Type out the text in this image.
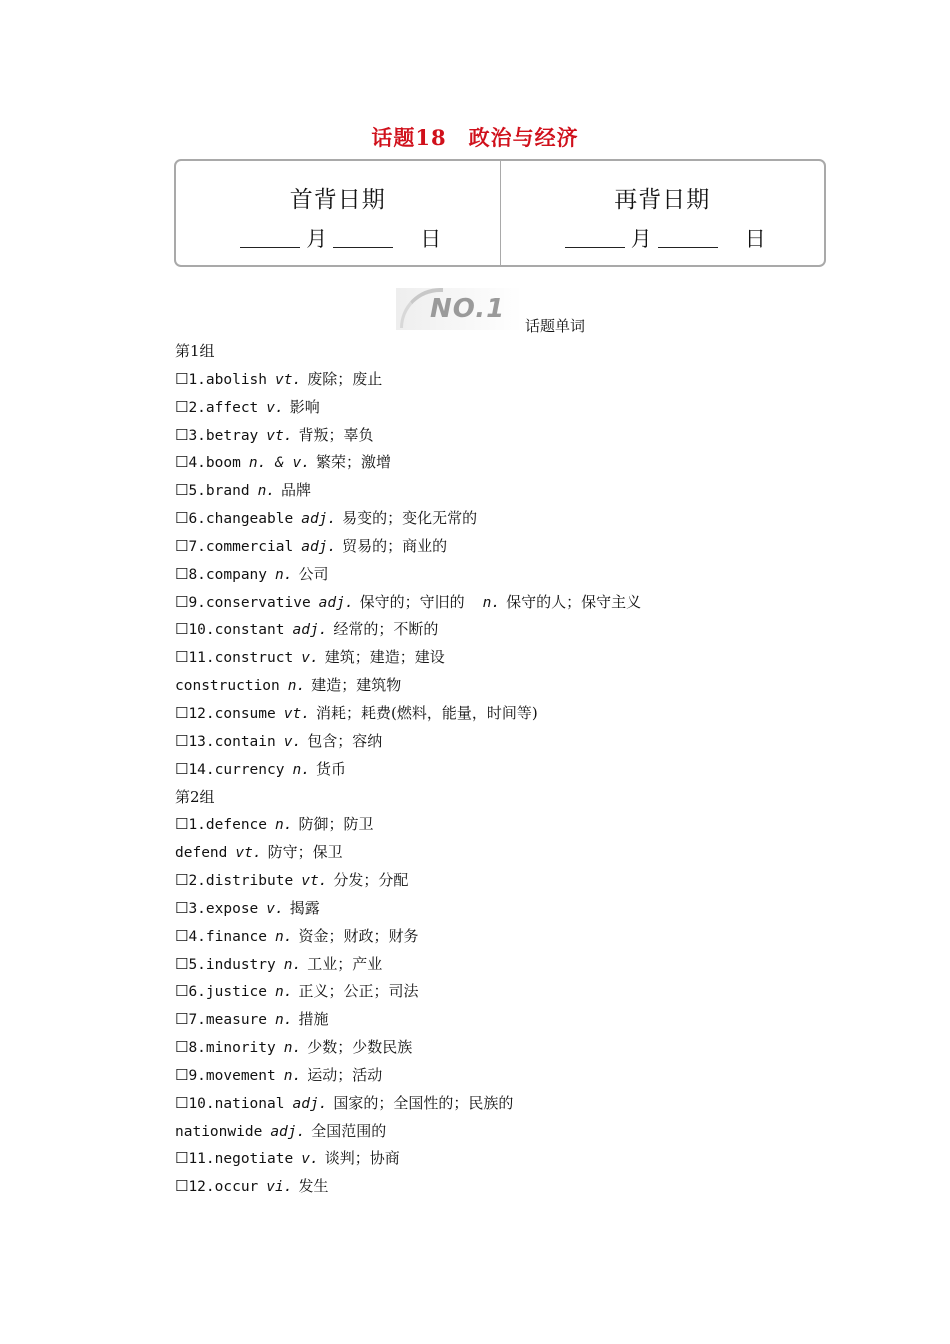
话题18　政治与经济
首背日期
月　	日
再背日期
月　	日
NO.1
话题单词
第1组
☐1.abolish vt. 废除；废止
☐2.affect v. 影响
☐3.betray vt. 背叛；辜负
☐4.boom n. & v. 繁荣；激增
☐5.brand n. 品牌
☐6.changeable adj. 易变的；变化无常的
☐7.commercial adj. 贸易的；商业的
☐8.company n. 公司
☐9.conservative adj. 保守的；守旧的 n. 保守的人；保守主义
☐10.constant adj. 经常的；不断的
☐11.construct v. 建筑；建造；建设
construction n. 建造；建筑物
☐12.consume vt. 消耗；耗费(燃料，能量，时间等)
☐13.contain v. 包含；容纳
☐14.currency n. 货币
第2组
☐1.defence n. 防御；防卫
defend vt. 防守；保卫
☐2.distribute vt. 分发；分配
☐3.expose v. 揭露
☐4.finance n. 资金；财政；财务
☐5.industry n. 工业；产业
☐6.justice n. 正义；公正；司法
☐7.measure n. 措施
☐8.minority n. 少数；少数民族
☐9.movement n. 运动；活动
☐10.national adj. 国家的；全国性的；民族的
nationwide adj. 全国范围的
☐11.negotiate v. 谈判；协商
☐12.occur vi. 发生
